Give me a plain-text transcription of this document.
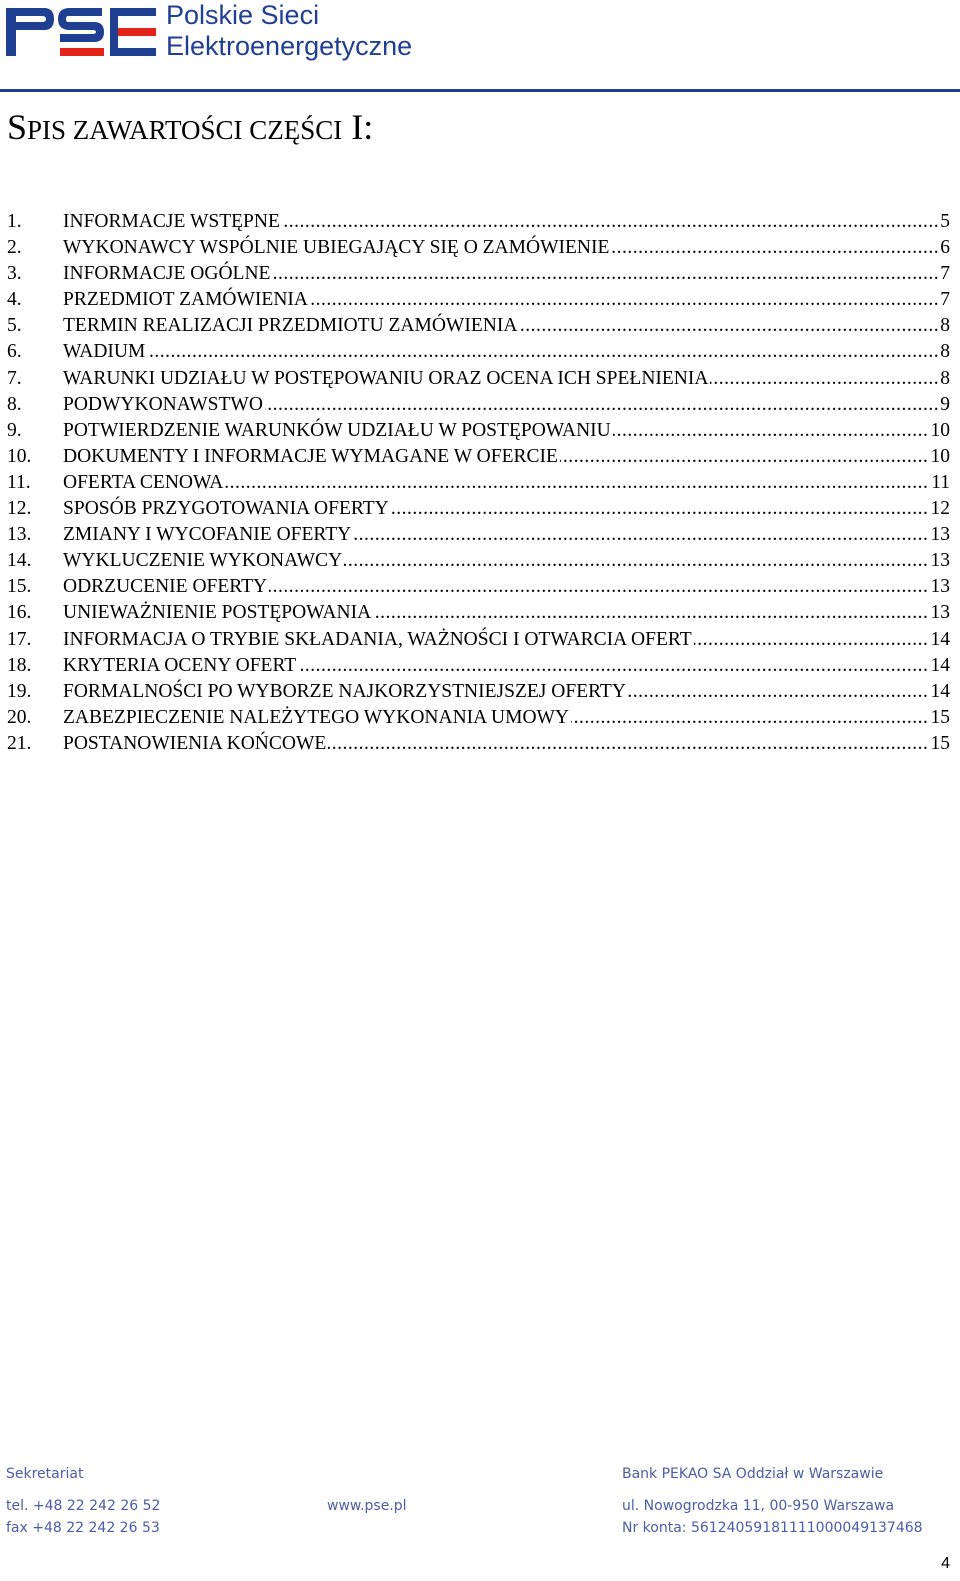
Polskie Sieci
Elektroenergetyczne
SPIS ZAWARTOŚCI CZĘŚCI I:
1. INFORMACJE WSTĘPNE	5
.....
2. WYKONAWCY WSPÓLNIE UBIEGAJĄCY SIĘ O ZAMÓWIENIE	6
.....
3. INFORMACJE OGÓLNE	7
.....
4. PRZEDMIOT ZAMÓWIENIA	7
.....
5. TERMIN REALIZACJI PRZEDMIOTU ZAMÓWIENIA	8
.....
6. WADIUM	8
.....
7. WARUNKI UDZIAŁU W POSTĘPOWANIU ORAZ OCENA ICH SPEŁNIENIA	8
.....
8. PODWYKONAWSTWO	9
.....
9. POTWIERDZENIE WARUNKÓW UDZIAŁU W POSTĘPOWANIU	10
.....
10. DOKUMENTY I INFORMACJE WYMAGANE W OFERCIE	10
.....
11. OFERTA CENOWA	11
.....
12. SPOSÓB PRZYGOTOWANIA OFERTY	12
.....
13. ZMIANY I WYCOFANIE OFERTY	13
.....
14. WYKLUCZENIE WYKONAWCY	13
.....
15. ODRZUCENIE OFERTY	13
.....
16. UNIEWAŻNIENIE POSTĘPOWANIA	13
.....
17. INFORMACJA O TRYBIE SKŁADANIA, WAŻNOŚCI I OTWARCIA OFERT	14
.....
18. KRYTERIA OCENY OFERT	14
.....
19. FORMALNOŚCI PO WYBORZE NAJKORZYSTNIEJSZEJ OFERTY	14
.....
20. ZABEZPIECZENIE NALEŻYTEGO WYKONANIA UMOWY	15
.....
21. POSTANOWIENIA KOŃCOWE	15
.....
Sekretariat
tel. +48 22 242 26 52
fax +48 22 242 26 53
www.pse.pl
Bank PEKAO SA Oddział w Warszawie
ul. Nowogrodzka 11, 00-950 Warszawa
Nr konta: 56124059181111000049137468
4
